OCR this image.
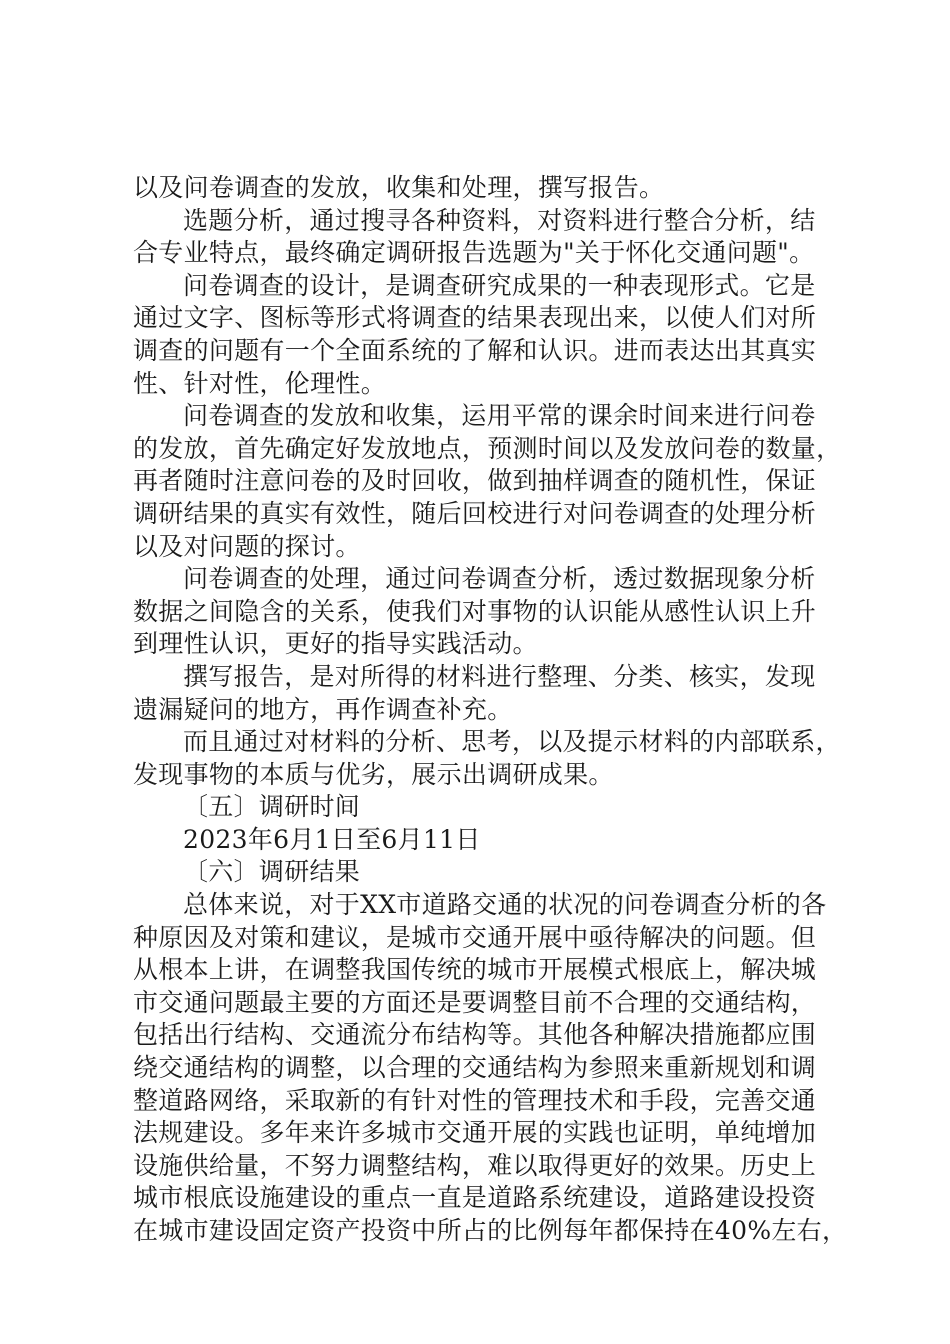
以及问卷调查的发放，收集和处理，撰写报告。
选题分析，通过搜寻各种资料，对资料进行整合分析，结
合专业特点，最终确定调研报告选题为"关于怀化交通问题"。
问卷调查的设计，是调查研究成果的一种表现形式。它是
通过文字、图标等形式将调查的结果表现出来，以使人们对所
调查的问题有一个全面系统的了解和认识。进而表达出其真实
性、针对性，伦理性。
问卷调查的发放和收集，运用平常的课余时间来进行问卷
的发放，首先确定好发放地点，预测时间以及发放问卷的数量，
再者随时注意问卷的及时回收，做到抽样调查的随机性，保证
调研结果的真实有效性，随后回校进行对问卷调查的处理分析
以及对问题的探讨。
问卷调查的处理，通过问卷调查分析，透过数据现象分析
数据之间隐含的关系，使我们对事物的认识能从感性认识上升
到理性认识，更好的指导实践活动。
撰写报告，是对所得的材料进行整理、分类、核实，发现
遗漏疑问的地方，再作调查补充。
而且通过对材料的分析、思考，以及提示材料的内部联系，
发现事物的本质与优劣，展示出调研成果。
〔五〕调研时间
2023年6月1日至6月11日
〔六〕调研结果
总体来说，对于XX市道路交通的状况的问卷调查分析的各
种原因及对策和建议，是城市交通开展中亟待解决的问题。但
从根本上讲，在调整我国传统的城市开展模式根底上，解决城
市交通问题最主要的方面还是要调整目前不合理的交通结构，
包括出行结构、交通流分布结构等。其他各种解决措施都应围
绕交通结构的调整，以合理的交通结构为参照来重新规划和调
整道路网络，采取新的有针对性的管理技术和手段，完善交通
法规建设。多年来许多城市交通开展的实践也证明，单纯增加
设施供给量，不努力调整结构，难以取得更好的效果。历史上
城市根底设施建设的重点一直是道路系统建设，道路建设投资
在城市建设固定资产投资中所占的比例每年都保持在40%左右，
